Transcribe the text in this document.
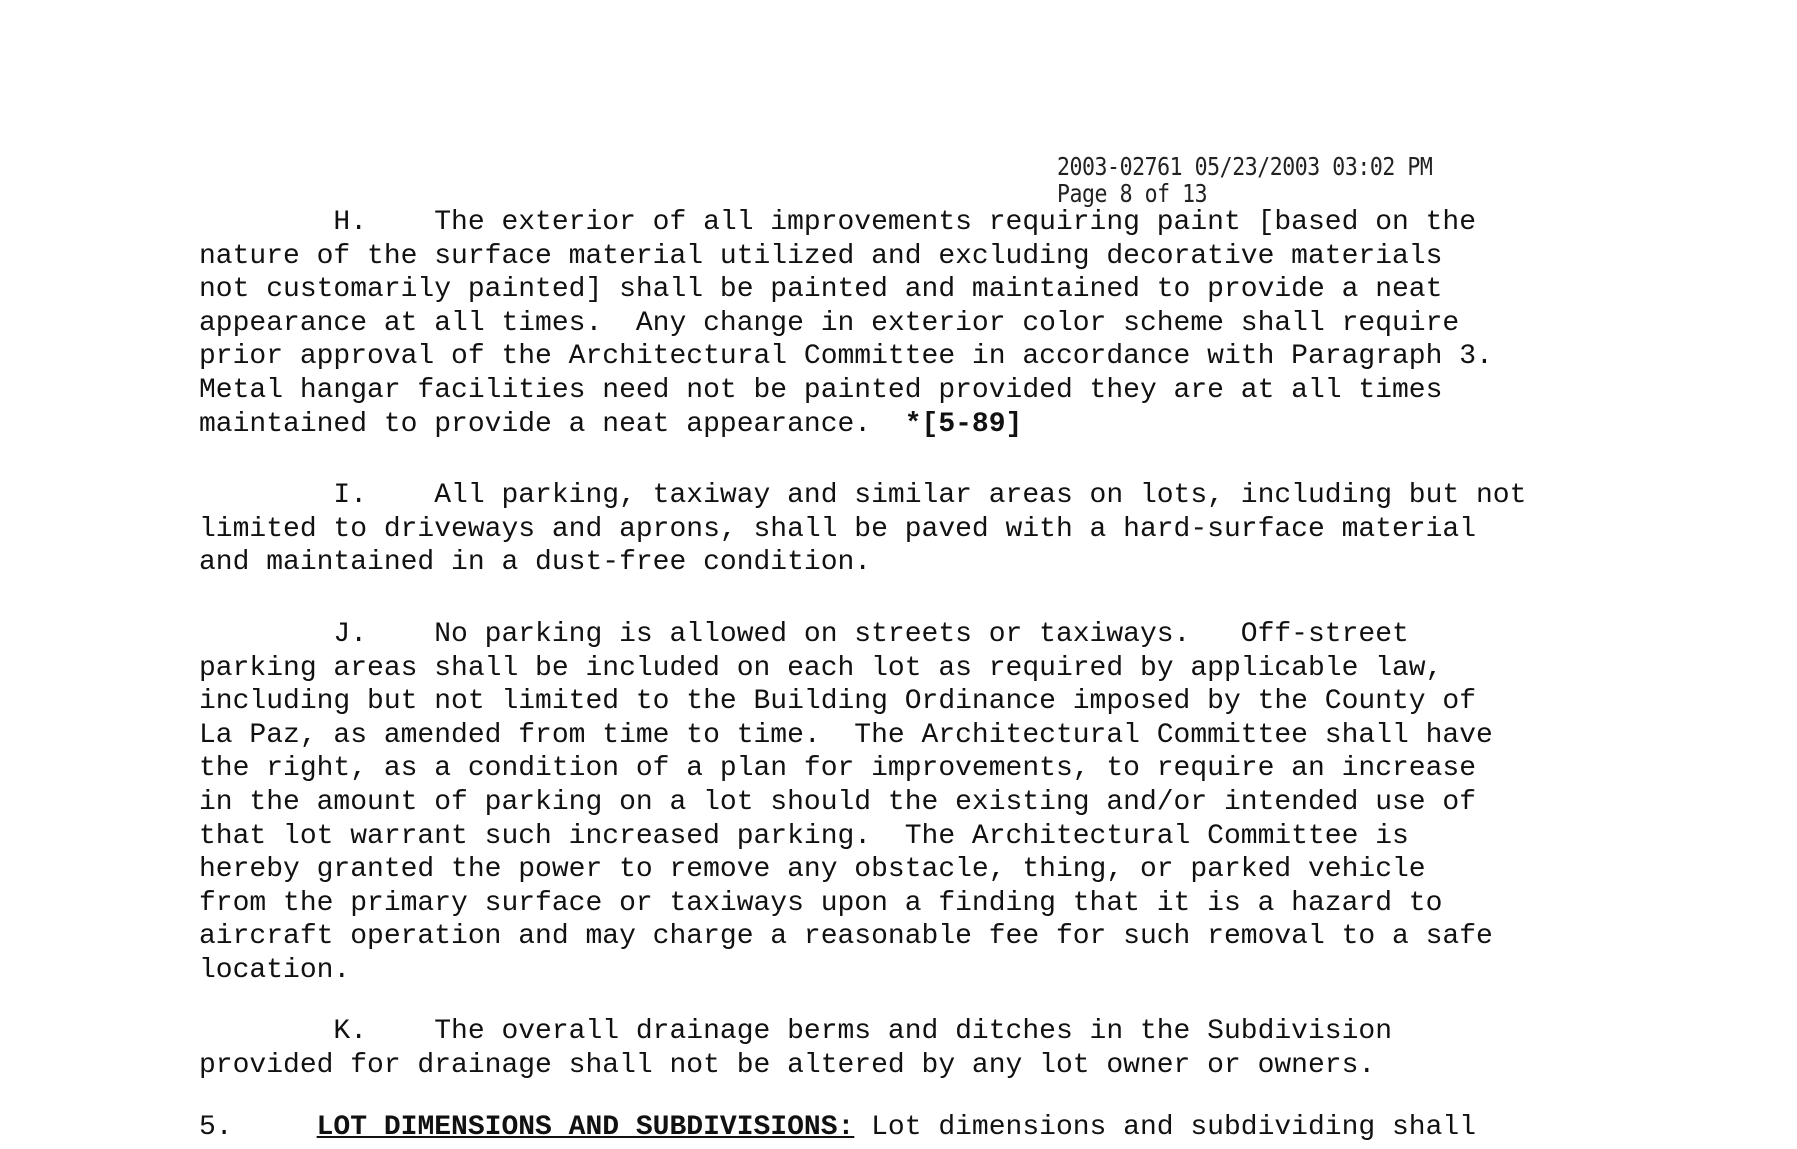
2003-02761 05/23/2003 03:02 PM
Page 8 of 13

H.    The exterior of all improvements requiring paint [based on the
nature of the surface material utilized and excluding decorative materials
not customarily painted] shall be painted and maintained to provide a neat
appearance at all times.  Any change in exterior color scheme shall require
prior approval of the Architectural Committee in accordance with Paragraph 3.
Metal hangar facilities need not be painted provided they are at all times
maintained to provide a neat appearance.  *[5-89]

I.    All parking, taxiway and similar areas on lots, including but not
limited to driveways and aprons, shall be paved with a hard-surface material
and maintained in a dust-free condition.

J.    No parking is allowed on streets or taxiways.   Off-street
parking areas shall be included on each lot as required by applicable law,
including but not limited to the Building Ordinance imposed by the County of
La Paz, as amended from time to time.  The Architectural Committee shall have
the right, as a condition of a plan for improvements, to require an increase
in the amount of parking on a lot should the existing and/or intended use of
that lot warrant such increased parking.  The Architectural Committee is
hereby granted the power to remove any obstacle, thing, or parked vehicle
from the primary surface or taxiways upon a finding that it is a hazard to
aircraft operation and may charge a reasonable fee for such removal to a safe
location.

K.    The overall drainage berms and ditches in the Subdivision
provided for drainage shall not be altered by any lot owner or owners.

5.	LOT DIMENSIONS AND SUBDIVISIONS: Lot dimensions and subdividing shall
